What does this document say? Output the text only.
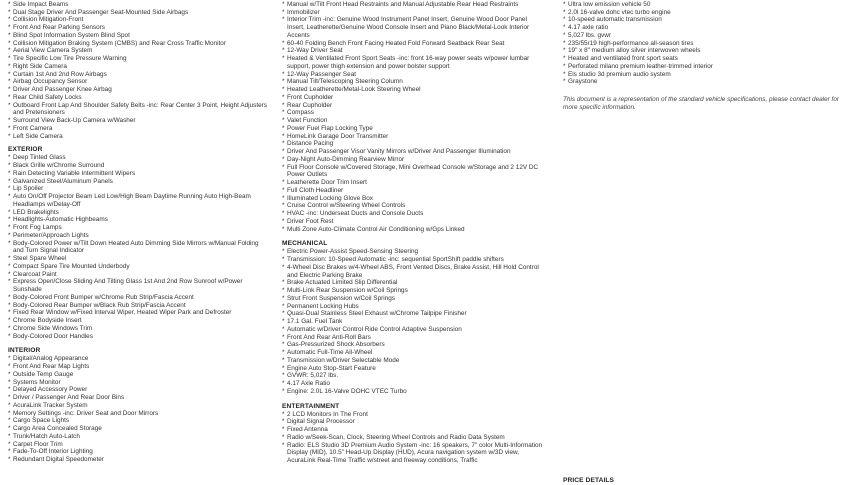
*
* Side Impact Beams
* Dual Stage Driver And Passenger Seat-Mounted Side Airbags
* Collision Mitigation-Front
* Front And Rear Parking Sensors
* Blind Spot Information System Blind Spot
* Collision Mitigation Braking System (CMBS) and Rear Cross Traffic Monitor
* Aerial View Camera System
* Tire Specific Low Tire Pressure Warning
* Right Side Camera
* Curtain 1st And 2nd Row Airbags
* Airbag Occupancy Sensor
* Driver And Passenger Knee Airbag
* Rear Child Safety Locks
* Outboard Front Lap And Shoulder Safety Belts -inc: Rear Center 3 Point, Height Adjusters and Pretensioners
* Surround View Back-Up Camera w/Washer
* Front Camera
* Left Side Camera

EXTERIOR

* Deep Tinted Glass
* Black Grille w/Chrome Surround
* Rain Detecting Variable Intermittent Wipers
* Galvanized Steel/Aluminum Panels
* Lip Spoiler
* Auto On/Off Projector Beam Led Low/High Beam Daytime Running Auto High-Beam Headlamps w/Delay-Off
* LED Brakelights
* Headlights-Automatic Highbeams
* Front Fog Lamps
* Perimeter/Approach Lights
* Body-Colored Power w/Tilt Down Heated Auto Dimming Side Mirrors w/Manual Folding and Turn Signal Indicator
* Steel Spare Wheel
* Compact Spare Tire Mounted Underbody
* Clearcoat Paint
* Express Open/Close Sliding And Tilting Glass 1st And 2nd Row Sunroof w/Power Sunshade
* Body-Colored Front Bumper w/Chrome Rub Strip/Fascia Accent
* Body-Colored Rear Bumper w/Black Rub Strip/Fascia Accent
* Fixed Rear Window w/Fixed Interval Wiper, Heated Wiper Park and Defroster
* Chrome Bodyside Insert
* Chrome Side Windows Trim
* Body-Colored Door Handles

INTERIOR

* Digital/Analog Appearance
* Front And Rear Map Lights
* Outside Temp Gauge
* Systems Monitor
* Delayed Accessory Power
* Driver / Passenger And Rear Door Bins
* AcuraLink Tracker System
* Memory Settings -inc: Driver Seat and Door Mirrors
* Cargo Space Lights
* Cargo Area Concealed Storage
* Trunk/Hatch Auto-Latch
* Carpet Floor Trim
* Fade-To-Off Interior Lighting
* Redundant Digital Speedometer
*
* Manual w/Tilt Front Head Restraints and Manual Adjustable Rear Head Restraints
* Immobilizer
* Interior Trim -inc: Genuine Wood Instrument Panel Insert, Genuine Wood Door Panel Insert, Leatherette/Genuine Wood Console Insert and Piano Black/Metal-Look Interior Accents
* 60-40 Folding Bench Front Facing Heated Fold Forward Seatback Rear Seat
* 12-Way Driver Seat
* Heated & Ventilated Front Sport Seats -inc: front 16-way power seats w/power lumbar support, power thigh extension and power bolster support
* 12-Way Passenger Seat
* Manual Tilt/Telescoping Steering Column
* Heated Leatherette/Metal-Look Steering Wheel
* Front Cupholder
* Rear Cupholder
* Compass
* Valet Function
* Power Fuel Flap Locking Type
* HomeLink Garage Door Transmitter
* Distance Pacing
* Driver And Passenger Visor Vanity Mirrors w/Driver And Passenger Illumination
* Day-Night Auto-Dimming Rearview Mirror
* Full Floor Console w/Covered Storage, Mini Overhead Console w/Storage and 2 12V DC Power Outlets
* Leatherette Door Trim Insert
* Full Cloth Headliner
* Illuminated Locking Glove Box
* Cruise Control w/Steering Wheel Controls
* HVAC -inc: Underseat Ducts and Console Ducts
* Driver Foot Rest
* Multi Zone Auto-Climate Control Air Conditioning w/Gps Linked

MECHANICAL

* Electric Power-Assist Speed-Sensing Steering
* Transmission: 10-Speed Automatic -inc: sequential SportShift paddle shifters
* 4-Wheel Disc Brakes w/4-Wheel ABS, Front Vented Discs, Brake Assist, Hill Hold Control and Electric Parking Brake
* Brake Actuated Limited Slip Differential
* Multi-Link Rear Suspension w/Coil Springs
* Strut Front Suspension w/Coil Springs
* Permanent Locking Hubs
* Quasi-Dual Stainless Steel Exhaust w/Chrome Tailpipe Finisher
* 17.1 Gal. Fuel Tank
* Automatic w/Driver Control Ride Control Adaptive Suspension
* Front And Rear Anti-Roll Bars
* Gas-Pressurized Shock Absorbers
* Automatic Full-Time All-Wheel
* Transmission w/Driver Selectable Mode
* Engine Auto Stop-Start Feature
* GVWR: 5,027 lbs.
* 4.17 Axle Ratio
* Engine: 2.0L 16-Valve DOHC VTEC Turbo

ENTERTAINMENT

* 2 LCD Monitors In The Front
* Digital Signal Processor
* Fixed Antenna
* Radio w/Seek-Scan, Clock, Steering Wheel Controls and Radio Data System
* Radio: ELS Studio 3D Premium Audio System -inc: 16 speakers, 7" color Multi-Information Display (MID), 10.5" Head-Up Display (HUD), Acura navigation system w/3D view, AcuraLink Real-Time Traffic w/street and freeway conditions, Traffic
*
* Ultra low emission vehicle 50
* 2.0l 16-valve dohc vtec turbo engine
* 10-speed automatic transmission
* 4.17 axle ratio
* 5,027 lbs. gvwr
* 235/55r19 high-performance all-season tires
* 19" x 8" medium alloy silver interwoven wheels
* Heated and ventilated front sport seats
* Perforated milano premium leather-trimmed interior
* Els studio 3d premium audio system
* Graystone

This document is a representation of the standard vehicle specifications, please contact dealer for more specific information.

PRICE DETAILS
